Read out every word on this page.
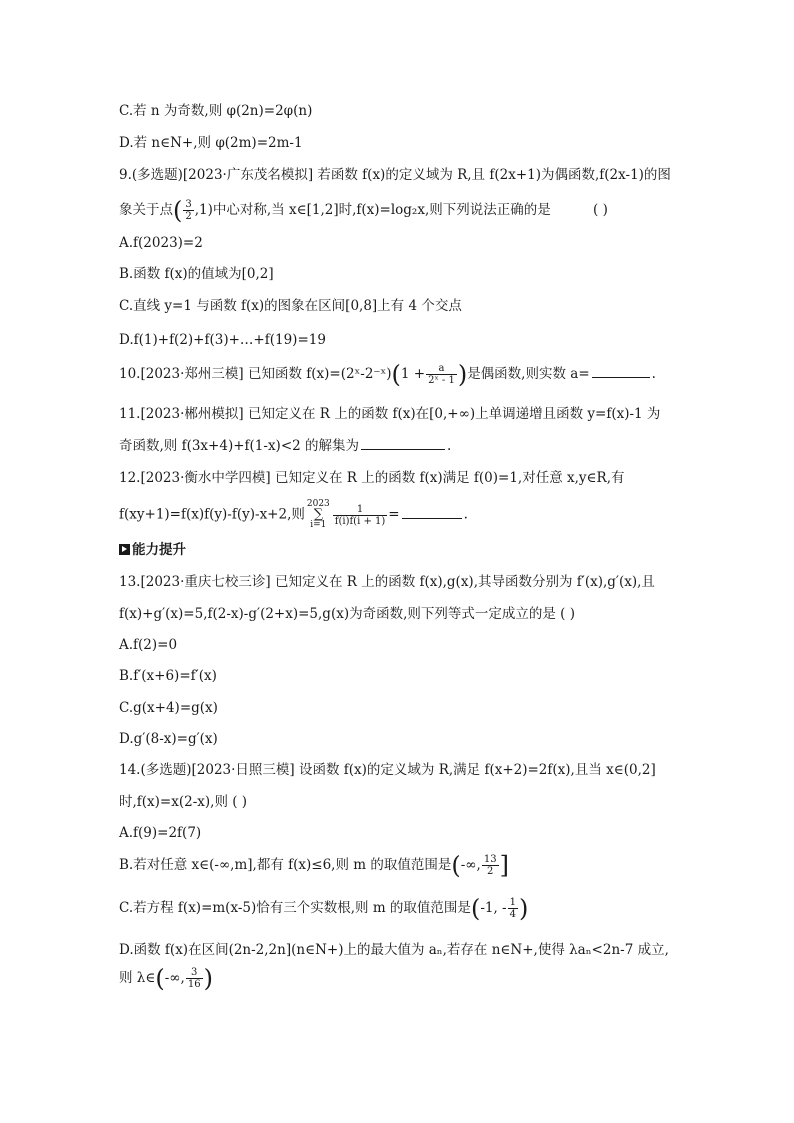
C.若 n 为奇数,则 φ(2n)=2φ(n)
D.若 n∈N+,则 φ(2m)=2m-1
9.(多选题)[2023·广东茂名模拟] 若函数 f(x)的定义域为 R,且 f(2x+1)为偶函数,f(2x-1)的图
象关于点( $\frac{3}{2} ,1$)中心对称,当 x∈[1,2]时,f(x)=log₂x,则下列说法正确的是	( )
A.f(2023)=2
B.函数 f(x)的值域为[0,2]
C.直线 y=1 与函数 f(x)的图象在区间[0,8]上有 4 个交点
D.f(1)+f(2)+f(3)+…+f(19)=19
10.[2023·郑州三模] 已知函数 f(x)=(2ˣ-2⁻ˣ)(1 + $\frac{a}{\text{2ˣ - 1}}$ )是偶函数,则实数 a=	.
11.[2023·郴州模拟] 已知定义在 R 上的函数 f(x)在[0,+∞)上单调递增且函数 y=f(x)-1 为
奇函数,则 f(3x+4)+f(1-x)<2 的解集为	.
12.[2023·衡水中学四模] 已知定义在 R 上的函数 f(x)满足 f(0)=1,对任意 x,y∈R,有
f(xy+1)=f(x)f(y)-f(y)-x+2,则2023
∑
$i=1 \frac{1}{f(i)f(i + 1)}$ =	.
能力提升
13.[2023·重庆七校三诊] 已知定义在 R 上的函数 f(x),g(x),其导函数分别为 f′(x),g′(x),且
f(x)+g′(x)=5,f(2-x)-g′(2+x)=5,g(x)为奇函数,则下列等式一定成立的是 ( )
A.f(2)=0
B.f′(x+6)=f′(x)
C.g(x+4)=g(x)
D.g′(8-x)=g′(x)
14.(多选题)[2023·日照三模] 设函数 f(x)的定义域为 R,满足 f(x+2)=2f(x),且当 x∈(0,2]
时,f(x)=x(2-x),则 ( )
A.f(9)=2f(7)
B.若对任意 x∈(-∞,m],都有 f(x)≤6,则 m 的取值范围是(-∞, $\frac{13}{2}$ ]
C.若方程 f(x)=m(x-5)恰有三个实数根,则 m 的取值范围是(-1, - $\frac{1}{4}$ )
D.函数 f(x)在区间(2n-2,2n](n∈N+)上的最大值为 aₙ,若存在 n∈N+,使得 λaₙ<2n-7 成立,
则 λ∈(-∞, $\frac{3}{16}$ )
